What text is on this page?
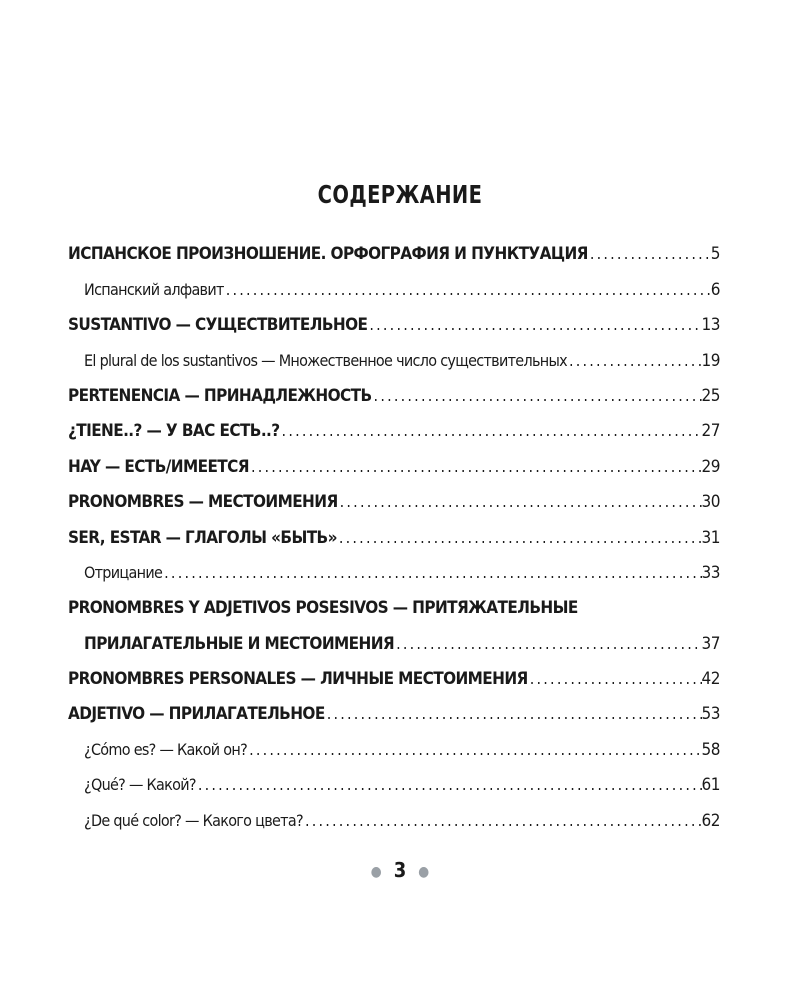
СОДЕРЖАНИЕ
ИСПАНСКОЕ ПРОИЗНОШЕНИЕ. ОРФОГРАФИЯ И ПУНКТУАЦИЯ .....	5
Испанский алфавит .....	6
SUSTANTIVO — СУЩЕСТВИТЕЛЬНОЕ .....	13
El plural de los sustantivos — Множественное число существительных .....	19
PERTENENCIA — ПРИНАДЛЕЖНОСТЬ .....	25
¿TIENE..? — У ВАС ЕСТЬ..? .....	27
HAY — ЕСТЬ/ИМЕЕТСЯ .....	29
PRONOMBRES — МЕСТОИМЕНИЯ .....	30
SER, ESTAR — ГЛАГОЛЫ «БЫТЬ» .....	31
Отрицание .....	33
PRONOMBRES Y ADJETIVOS POSESIVOS — ПРИТЯЖАТЕЛЬНЫЕ
ПРИЛАГАТЕЛЬНЫЕ И МЕСТОИМЕНИЯ .....	37
PRONOMBRES PERSONALES — ЛИЧНЫЕ МЕСТОИМЕНИЯ .....	42
ADJETIVO — ПРИЛАГАТЕЛЬНОЕ .....	53
¿Cómo es? — Какой он? .....	58
¿Qué? — Какой? .....	61
¿De qué color? — Какого цвета? .....	62
● 3 ●
